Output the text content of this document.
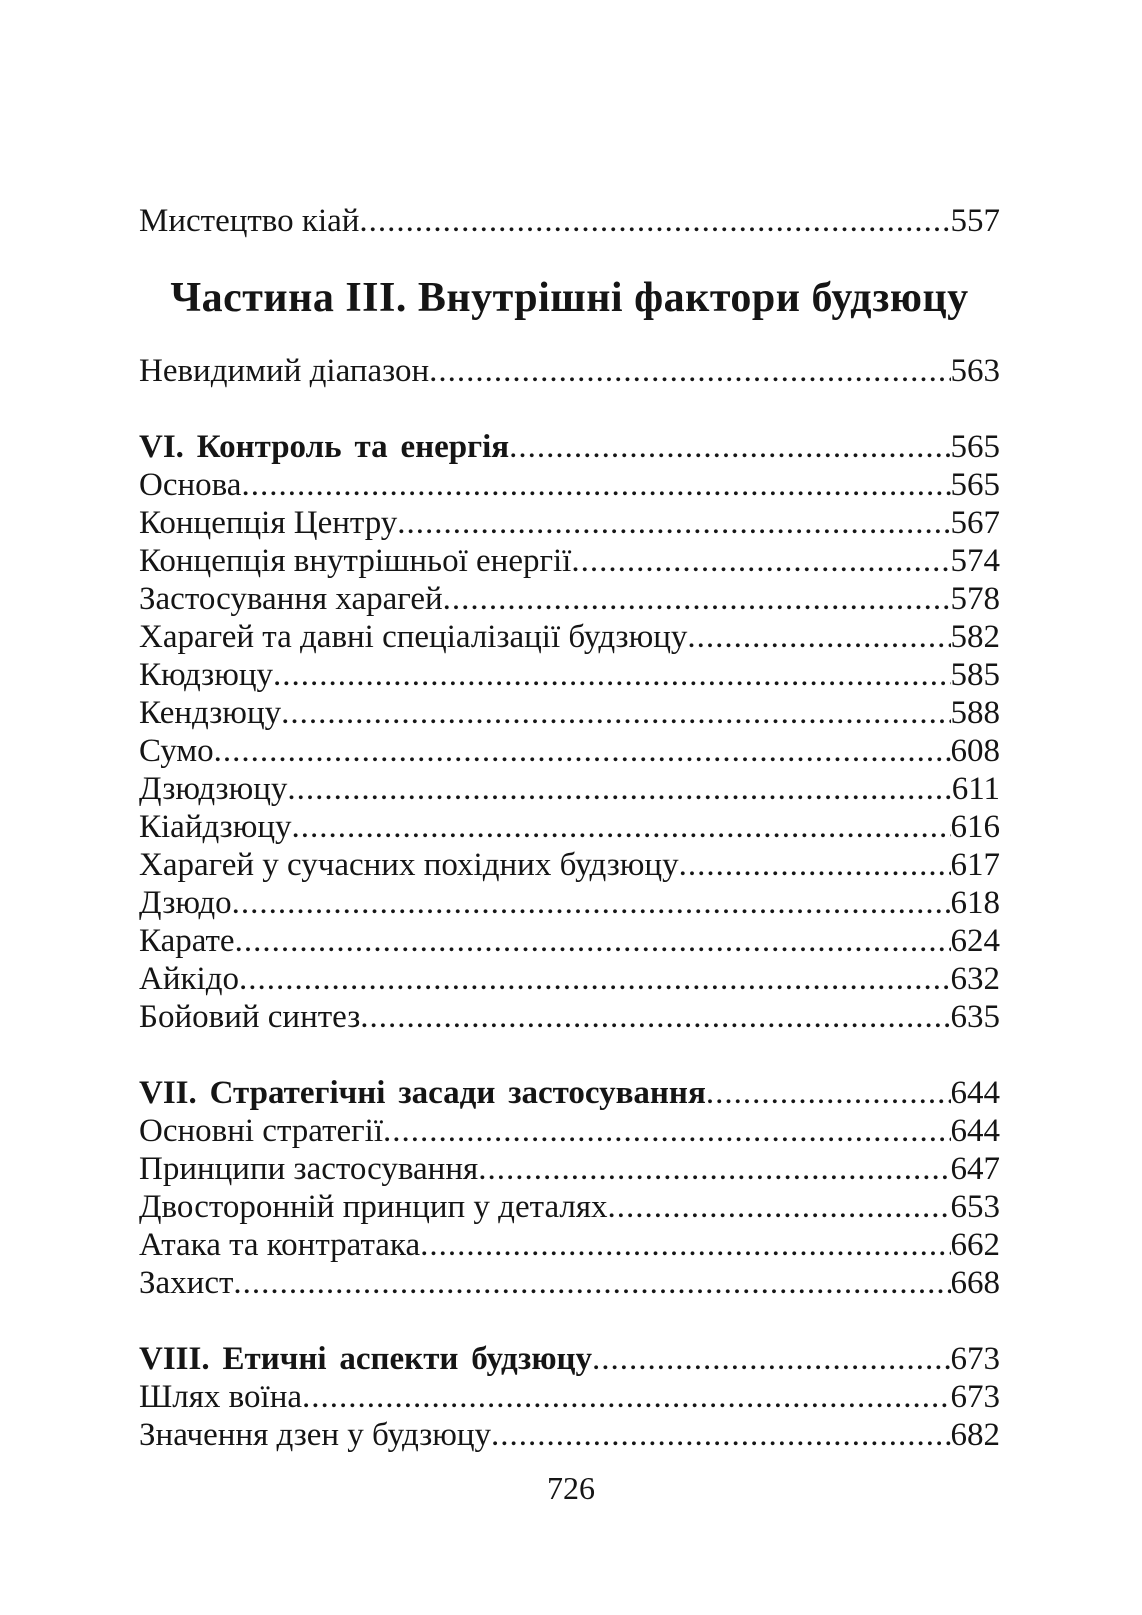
Мистецтво кіай .....	557
Частина III. Внутрішні фактори будзюцу
Невидимий діапазон .....	563
VI. Контроль та енергія .....	565
Основа .....	565
Концепція Центру .....	567
Концепція внутрішньої енергії .....	574
Застосування харагей .....	578
Харагей та давні спеціалізації будзюцу .....	582
Кюдзюцу .....	585
Кендзюцу .....	588
Сумо .....	608
Дзюдзюцу .....	611
Кіайдзюцу .....	616
Харагей у сучасних похідних будзюцу .....	617
Дзюдо .....	618
Карате .....	624
Айкідо .....	632
Бойовий синтез .....	635
VII. Стратегічні засади застосування .....	644
Основні стратегії .....	644
Принципи застосування .....	647
Двосторонній принцип у деталях .....	653
Атака та контратака .....	662
Захист .....	668
VIII. Етичні аспекти будзюцу .....	673
Шлях воїна .....	673
Значення дзен у будзюцу .....	682
726
